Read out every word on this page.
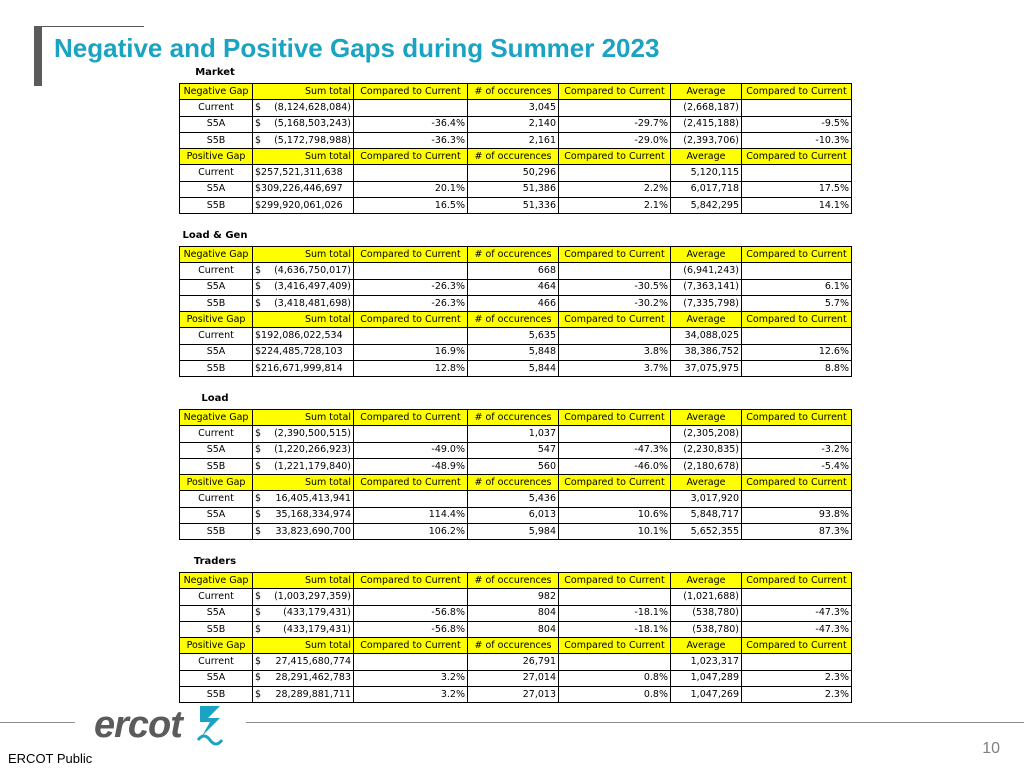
Negative and Positive Gaps during Summer 2023
Market
Negative Gap	Sum total	Compared to Current	# of occurences	Compared to Current	Average	Compared to Current
Current	$ (8,124,628,084)		3,045		(2,668,187)	
S5A	$ (5,168,503,243)	-36.4%	2,140	-29.7%	(2,415,188)	-9.5%
S5B	$ (5,172,798,988)	-36.3%	2,161	-29.0%	(2,393,706)	-10.3%
Positive Gap	Sum total	Compared to Current	# of occurences	Compared to Current	Average	Compared to Current
Current	$257,521,311,638		50,296		5,120,115	
S5A	$309,226,446,697	20.1%	51,386	2.2%	6,017,718	17.5%
S5B	$299,920,061,026	16.5%	51,336	2.1%	5,842,295	14.1%
Load & Gen
Negative Gap	Sum total	Compared to Current	# of occurences	Compared to Current	Average	Compared to Current
Current	$ (4,636,750,017)		668		(6,941,243)	
S5A	$ (3,416,497,409)	-26.3%	464	-30.5%	(7,363,141)	6.1%
S5B	$ (3,418,481,698)	-26.3%	466	-30.2%	(7,335,798)	5.7%
Positive Gap	Sum total	Compared to Current	# of occurences	Compared to Current	Average	Compared to Current
Current	$192,086,022,534		5,635		34,088,025	
S5A	$224,485,728,103	16.9%	5,848	3.8%	38,386,752	12.6%
S5B	$216,671,999,814	12.8%	5,844	3.7%	37,075,975	8.8%
Load
Negative Gap	Sum total	Compared to Current	# of occurences	Compared to Current	Average	Compared to Current
Current	$ (2,390,500,515)		1,037		(2,305,208)	
S5A	$ (1,220,266,923)	-49.0%	547	-47.3%	(2,230,835)	-3.2%
S5B	$ (1,221,179,840)	-48.9%	560	-46.0%	(2,180,678)	-5.4%
Positive Gap	Sum total	Compared to Current	# of occurences	Compared to Current	Average	Compared to Current
Current	$ 16,405,413,941		5,436		3,017,920	
S5A	$ 35,168,334,974	114.4%	6,013	10.6%	5,848,717	93.8%
S5B	$ 33,823,690,700	106.2%	5,984	10.1%	5,652,355	87.3%
Traders
Negative Gap	Sum total	Compared to Current	# of occurences	Compared to Current	Average	Compared to Current
Current	$ (1,003,297,359)		982		(1,021,688)	
S5A	$ (433,179,431)	-56.8%	804	-18.1%	(538,780)	-47.3%
S5B	$ (433,179,431)	-56.8%	804	-18.1%	(538,780)	-47.3%
Positive Gap	Sum total	Compared to Current	# of occurences	Compared to Current	Average	Compared to Current
Current	$ 27,415,680,774		26,791		1,023,317	
S5A	$ 28,291,462,783	3.2%	27,014	0.8%	1,047,289	2.3%
S5B	$ 28,289,881,711	3.2%	27,013	0.8%	1,047,269	2.3%
ercot
10
ERCOT Public
